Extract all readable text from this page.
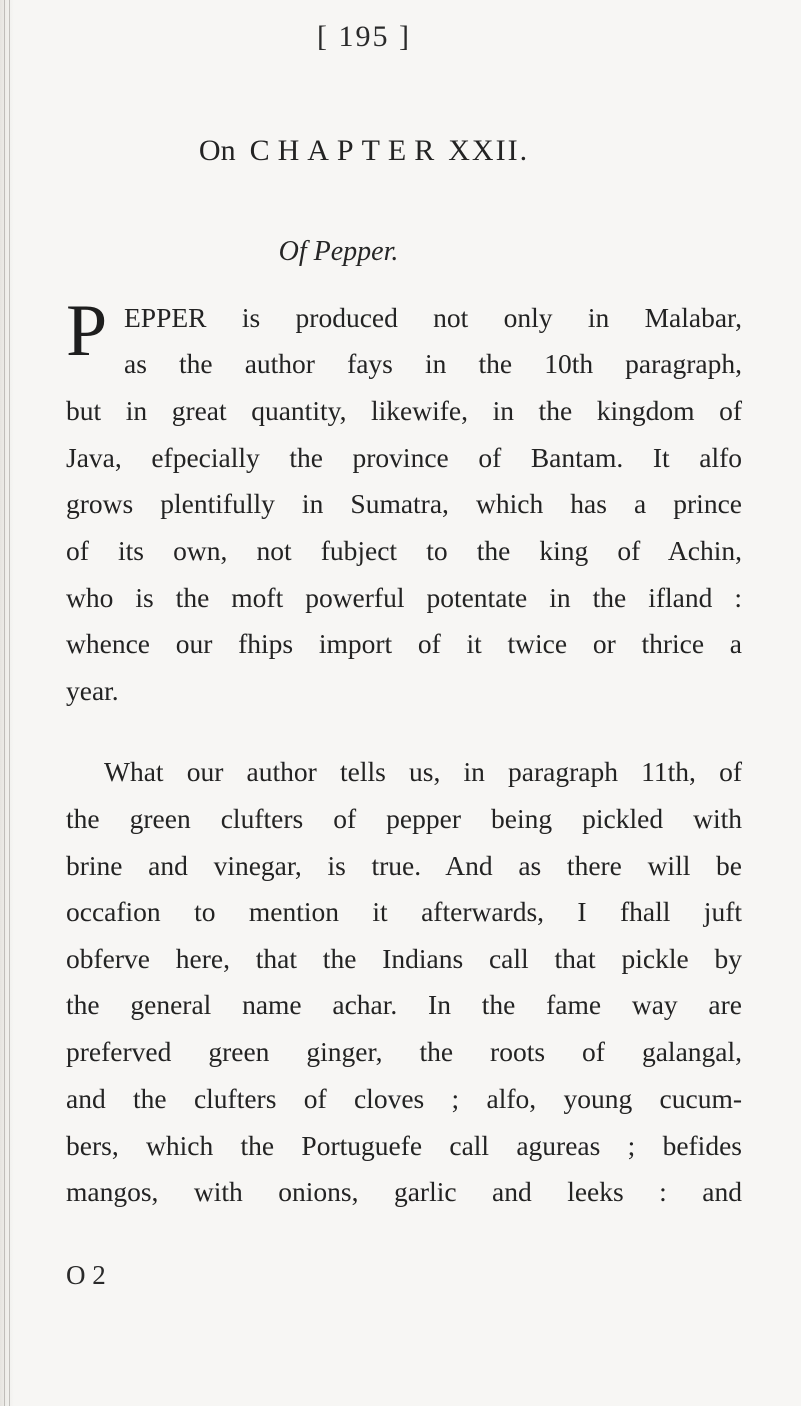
[ 195 ]
On CHAPTER XXII.
Of Pepper.
P EPPER is produced not only in Malabar,
as the author fays in the 10th paragraph,
but in great quantity, likewife, in the kingdom of
Java, efpecially the province of Bantam. It alfo
grows plentifully in Sumatra, which has a prince
of its own, not fubject to the king of Achin,
who is the moft powerful potentate in the ifland :
whence our fhips import of it twice or thrice a
year.
What our author tells us, in paragraph 11th, of
the green clufters of pepper being pickled with
brine and vinegar, is true. And as there will be
occafion to mention it afterwards, I fhall juft
obferve here, that the Indians call that pickle by
the general name achar. In the fame way are
preferved green ginger, the roots of galangal,
and the clufters of cloves ; alfo, young cucum-
bers, which the Portuguefe call agureas ; befides
mangos, with onions, garlic and leeks : and
O 2
